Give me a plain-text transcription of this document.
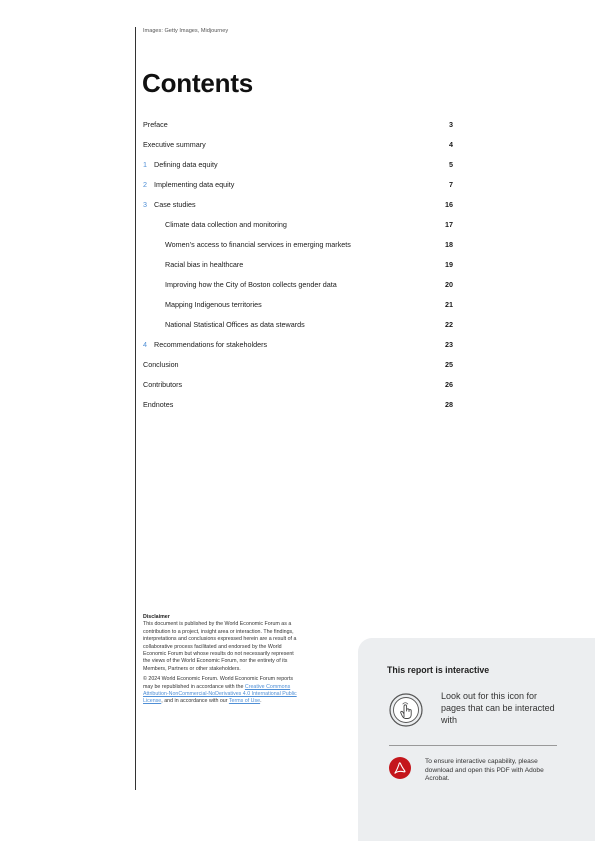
Images: Getty Images, Midjourney
Contents
Preface	3
Executive summary	4
1 Defining data equity	5
2 Implementing data equity	7
3 Case studies	16
Climate data collection and monitoring	17
Women’s access to financial services in emerging markets	18
Racial bias in healthcare	19
Improving how the City of Boston collects gender data	20
Mapping Indigenous territories	21
National Statistical Offices as data stewards	22
4 Recommendations for stakeholders	23
Conclusion	25
Contributors	26
Endnotes	28
Disclaimer

This document is published by the World Economic Forum as a contribution to a project, insight area or interaction. The findings, interpretations and conclusions expressed herein are a result of a collaborative process facilitated and endorsed by the World Economic Forum but whose results do not necessarily represent the views of the World Economic Forum, nor the entirety of its Members, Partners or other stakeholders.

© 2024 World Economic Forum. World Economic Forum reports may be republished in accordance with the Creative Commons Attribution-NonCommercial-NoDerivatives 4.0 International Public License, and in accordance with our Terms of Use.

This report is interactive
Look out for this icon for pages that can be interacted with
To ensure interactive capability, please download and open this PDF with Adobe Acrobat.
